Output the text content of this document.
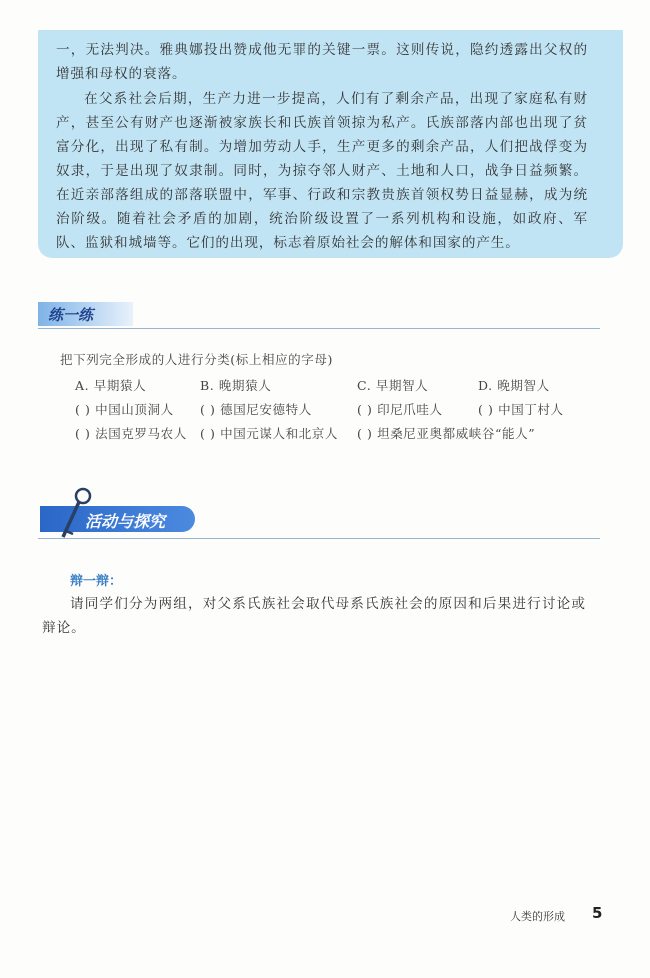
一，无法判决。雅典娜投出赞成他无罪的关键一票。这则传说，隐约透露出父权的增强和母权的衰落。

在父系社会后期，生产力进一步提高，人们有了剩余产品，出现了家庭私有财产，甚至公有财产也逐渐被家族长和氏族首领掠为私产。氏族部落内部也出现了贫富分化，出现了私有制。为增加劳动人手，生产更多的剩余产品，人们把战俘变为奴隶，于是出现了奴隶制。同时，为掠夺邻人财产、土地和人口，战争日益频繁。在近亲部落组成的部落联盟中，军事、行政和宗教贵族首领权势日益显赫，成为统治阶级。随着社会矛盾的加剧，统治阶级设置了一系列机构和设施，如政府、军队、监狱和城墙等。它们的出现，标志着原始社会的解体和国家的产生。

练一练
把下列完全形成的人进行分类(标上相应的字母)
A. 早期猿人	B. 晚期猿人	C. 早期智人	D. 晚期智人
( ) 中国山顶洞人 ( ) 德国尼安德特人	( ) 印尼爪哇人	( ) 中国丁村人
( ) 法国克罗马农人 ( ) 中国元谋人和北京人 ( ) 坦桑尼亚奥都威峡谷“能人”
活动与探究
辩一辩：
请同学们分为两组，对父系氏族社会取代母系氏族社会的原因和后果进行讨论或辩论。
人类的形成 5
